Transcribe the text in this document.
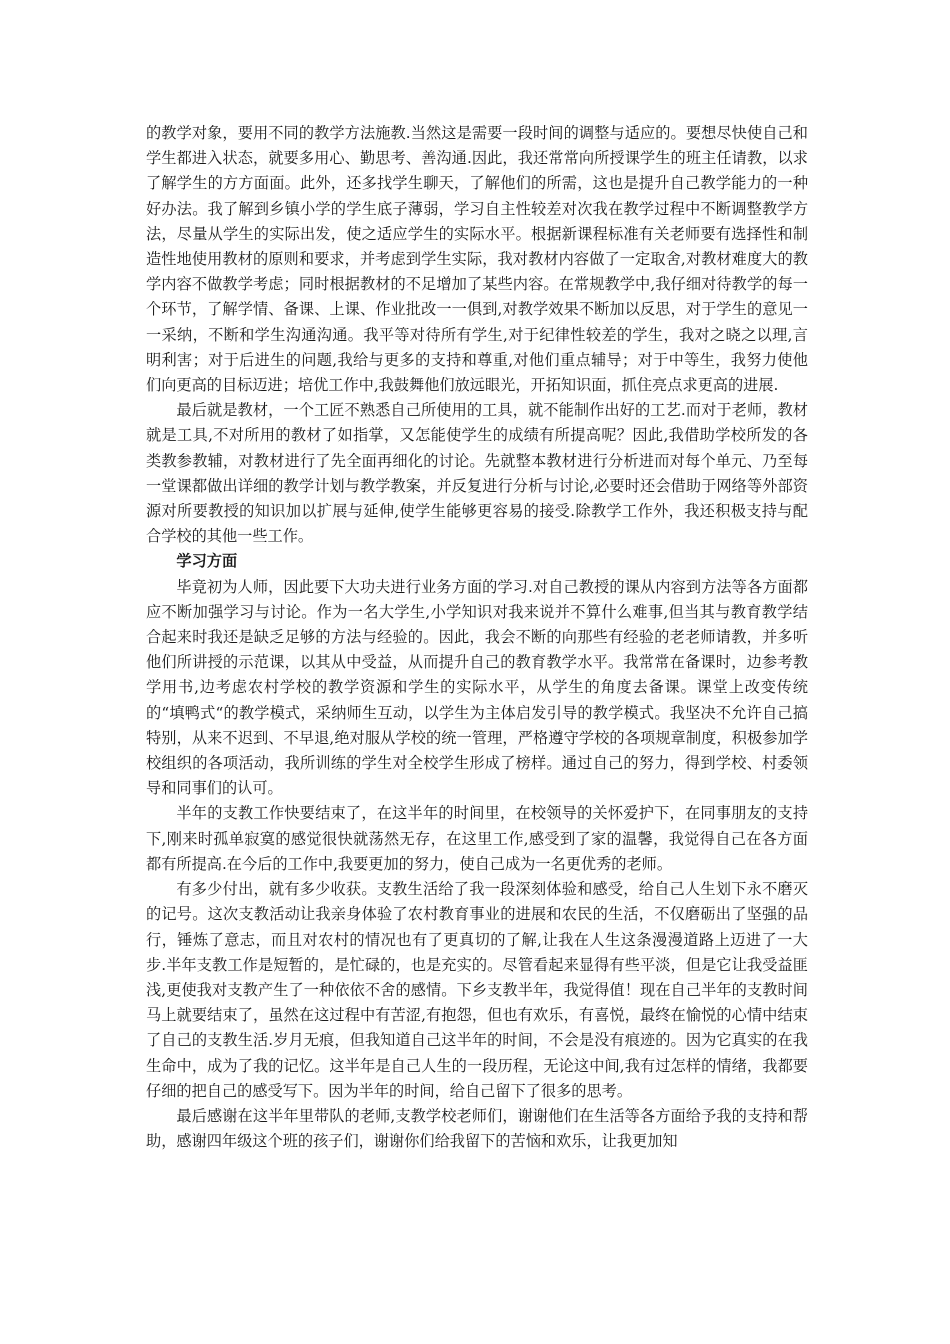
的教学对象，要用不同的教学方法施教.当然这是需要一段时间的调整与适应的。要想尽快使自己和学生都进入状态，就要多用心、勤思考、善沟通.因此，我还常常向所授课学生的班主任请教，以求了解学生的方方面面。此外，还多找学生聊天，了解他们的所需，这也是提升自己教学能力的一种好办法。我了解到乡镇小学的学生底子薄弱，学习自主性较差对次我在教学过程中不断调整教学方法，尽量从学生的实际出发，使之适应学生的实际水平。根据新课程标准有关老师要有选择性和制造性地使用教材的原则和要求，并考虑到学生实际，我对教材内容做了一定取舍,对教材难度大的教学内容不做教学考虑；同时根据教材的不足增加了某些内容。在常规教学中,我仔细对待教学的每一个环节，了解学情、备课、上课、作业批改一一俱到,对教学效果不断加以反思，对于学生的意见一一采纳，不断和学生沟通沟通。我平等对待所有学生,对于纪律性较差的学生，我对之晓之以理,言明利害；对于后进生的问题,我给与更多的支持和尊重,对他们重点辅导；对于中等生，我努力使他们向更高的目标迈进；培优工作中,我鼓舞他们放远眼光，开拓知识面，抓住亮点求更高的进展.

最后就是教材，一个工匠不熟悉自己所使用的工具，就不能制作出好的工艺.而对于老师，教材就是工具,不对所用的教材了如指掌，又怎能使学生的成绩有所提高呢？因此,我借助学校所发的各类教参教辅，对教材进行了先全面再细化的讨论。先就整本教材进行分析进而对每个单元、乃至每一堂课都做出详细的教学计划与教学教案，并反复进行分析与讨论,必要时还会借助于网络等外部资源对所要教授的知识加以扩展与延伸,使学生能够更容易的接受.除教学工作外，我还积极支持与配合学校的其他一些工作。

学习方面

毕竟初为人师，因此要下大功夫进行业务方面的学习.对自己教授的课从内容到方法等各方面都应不断加强学习与讨论。作为一名大学生,小学知识对我来说并不算什么难事,但当其与教育教学结合起来时我还是缺乏足够的方法与经验的。因此，我会不断的向那些有经验的老老师请教，并多听他们所讲授的示范课，以其从中受益，从而提升自己的教育教学水平。我常常在备课时，边参考教学用书,边考虑农村学校的教学资源和学生的实际水平，从学生的角度去备课。课堂上改变传统的“填鸭式“的教学模式，采纳师生互动，以学生为主体启发引导的教学模式。我坚决不允许自己搞特别，从来不迟到、不早退,绝对服从学校的统一管理，严格遵守学校的各项规章制度，积极参加学校组织的各项活动，我所训练的学生对全校学生形成了榜样。通过自己的努力，得到学校、村委领导和同事们的认可。

半年的支教工作快要结束了，在这半年的时间里，在校领导的关怀爱护下，在同事朋友的支持下,刚来时孤单寂寞的感觉很快就荡然无存，在这里工作,感受到了家的温馨，我觉得自己在各方面都有所提高.在今后的工作中,我要更加的努力，使自己成为一名更优秀的老师。

有多少付出，就有多少收获。支教生活给了我一段深刻体验和感受，给自己人生划下永不磨灭的记号。这次支教活动让我亲身体验了农村教育事业的进展和农民的生活，不仅磨砺出了坚强的品行，锤炼了意志，而且对农村的情况也有了更真切的了解,让我在人生这条漫漫道路上迈进了一大步.半年支教工作是短暂的，是忙碌的，也是充实的。尽管看起来显得有些平淡，但是它让我受益匪浅,更使我对支教产生了一种依依不舍的感情。下乡支教半年，我觉得值！现在自己半年的支教时间马上就要结束了，虽然在这过程中有苦涩,有抱怨，但也有欢乐，有喜悦，最终在愉悦的心情中结束了自己的支教生活.岁月无痕，但我知道自己这半年的时间，不会是没有痕迹的。因为它真实的在我生命中，成为了我的记忆。这半年是自己人生的一段历程，无论这中间,我有过怎样的情绪，我都要仔细的把自己的感受写下。因为半年的时间，给自己留下了很多的思考。

最后感谢在这半年里带队的老师,支教学校老师们，谢谢他们在生活等各方面给予我的支持和帮助，感谢四年级这个班的孩子们，谢谢你们给我留下的苦恼和欢乐，让我更加知
